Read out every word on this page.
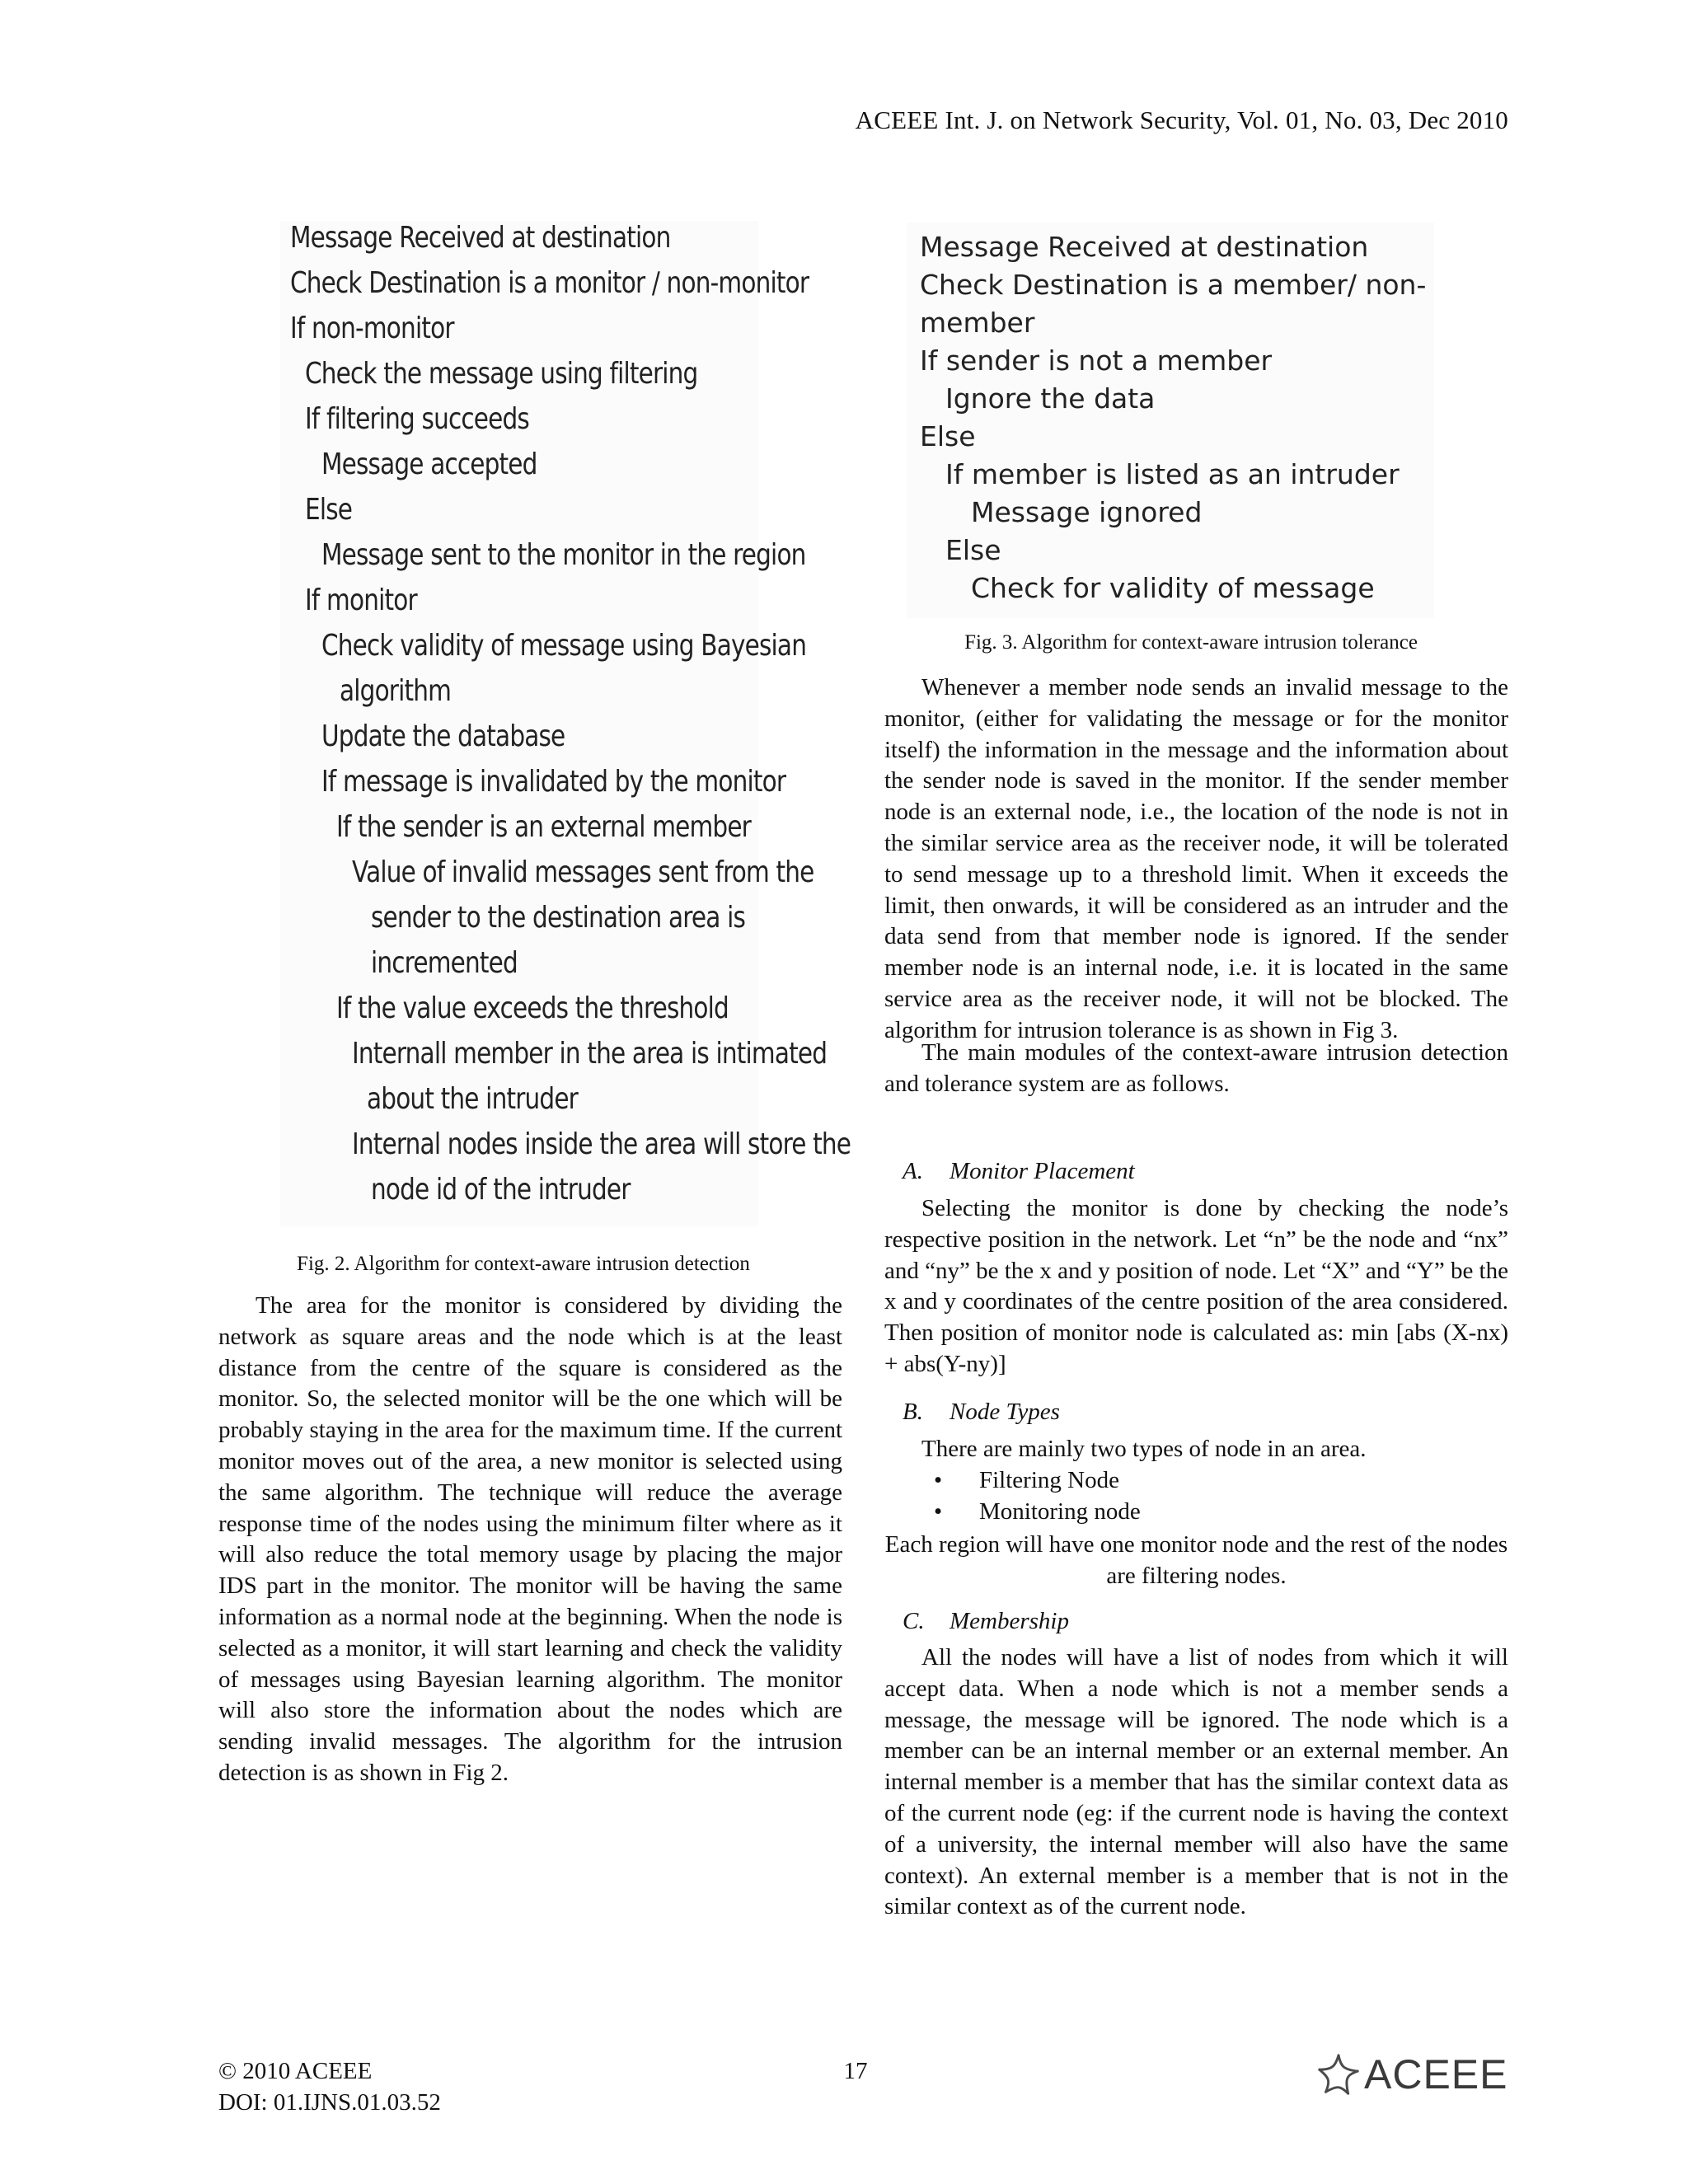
ACEEE Int. J. on Network Security, Vol. 01, No. 03, Dec 2010
Message Received at destination
Check Destination is a monitor / non-monitor
If non-monitor
Check the message using filtering
If filtering succeeds
Message accepted
Else
Message sent to the monitor in the region
If monitor
Check validity of message using Bayesian
algorithm
Update the database
If message is invalidated by the monitor
If the sender is an external member
Value of invalid messages sent from the
sender to the destination area is
incremented
If the value exceeds the threshold
Internall member in the area is intimated
about the intruder
Internal nodes inside the area will store the
node id of the intruder
Fig. 2. Algorithm for context-aware intrusion detection
Message Received at destination
Check Destination is a member/ non-
member
If sender is not a member
Ignore the data
Else
If member is listed as an intruder
Message ignored
Else
Check for validity of message
Fig. 3. Algorithm for context-aware intrusion tolerance

The area for the monitor is considered by dividing the network as square areas and the node which is at the least distance from the centre of the square is considered as the monitor. So, the selected monitor will be the one which will be probably staying in the area for the maximum time. If the current monitor moves out of the area, a new monitor is selected using the same algorithm. The technique will reduce the average response time of the nodes using the minimum filter where as it will also reduce the total memory usage by placing the major IDS part in the monitor. The monitor will be having the same information as a normal node at the beginning. When the node is selected as a monitor, it will start learning and check the validity of messages using Bayesian learning algorithm. The monitor will also store the information about the nodes which are sending invalid messages. The algorithm for the intrusion detection is as shown in Fig 2.

Whenever a member node sends an invalid message to the monitor, (either for validating the message or for the monitor itself) the information in the message and the information about the sender node is saved in the monitor. If the sender member node is an external node, i.e., the location of the node is not in the similar service area as the receiver node, it will be tolerated to send message up to a threshold limit. When it exceeds the limit, then onwards, it will be considered as an intruder and the data send from that member node is ignored. If the sender member node is an internal node, i.e. it is located in the same service area as the receiver node, it will not be blocked. The algorithm for intrusion tolerance is as shown in Fig 3.

The main modules of the context-aware intrusion detection and tolerance system are as follows.

A. Monitor Placement

Selecting the monitor is done by checking the node’s respective position in the network. Let “n” be the node and “nx” and “ny” be the x and y position of node. Let “X” and “Y” be the x and y coordinates of the centre position of the area considered. Then position of monitor node is calculated as: min [abs (X-nx) + abs(Y-ny)]

B. Node Types
There are mainly two types of node in an area.
• Filtering Node
• Monitoring node
Each region will have one monitor node and the rest of the nodes are filtering nodes.
C. Membership

All the nodes will have a list of nodes from which it will accept data. When a node which is not a member sends a message, the message will be ignored. The node which is a member can be an internal member or an external member. An internal member is a member that has the similar context data as of the current node (eg: if the current node is having the context of a university, the internal member will also have the same context). An external member is a member that is not in the similar context as of the current node.

© 2010 ACEEE
DOI: 01.IJNS.01.03.52
17	ACEEE
